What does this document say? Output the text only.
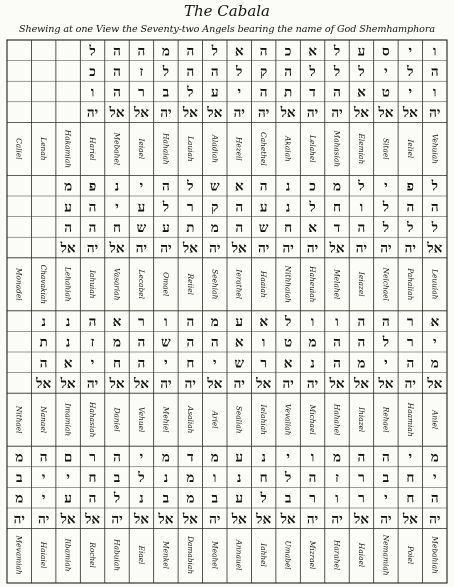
The Cabala
Shewing at one View the Seventy-two Angels bearing the name of God Shemhamphora
ל ה ה מ ה ל א ה כ א ל ע ס י ו
כ ה ז ל ה ה ל ק ה ל ל ל י ל ה
ו ה ר ב ל ע י ה ת ד ה א ט י ו
יה אל אל יה אל אל יה יה אל יה יה אל אל אל יה
Caliel Lenah Hakamiah Hariel Mebahel Ieiael Hahaiah Lauiah Aladiah Hezeil Cahethel Akaiah Lelahel Mahasiah Elemiah Sitael Ieliel Vehuiah
מ פ נ י ה ל ש א ה נ כ מ ל י פ ל
ע ה י ע ל ר ק ה ע נ ל ח ו ל ה ה
ה ה ח ש ע ת מ ה ש ח א ד ה ל ל ל
אל יה אל יה יה אל יה אל יה יה יה אל יה יה יה אל
Monadel Chavakiah Lehahiah Iahuiah Vasariah Lecabel Omael Reiiel Seehiah Ierathel Haaiah Nithhaiah Haheuiah Melahel Ieiazel Nelchael Pahaliah Leuuiah
נ נ ה א ר ו ה מ ע א ל ו ו ה ה ר א
ת נ ז מ ה ש ה ה א ו ט מ ה ה ל ר י
ה א י ח ה י ח י ש ר א נ ה מ י ה מ
אל אל יה אל אל יה יה אל יה אל יה יה אל אל אל יה אל
Nithael Nanael Imamiah Hahasiah Daniel Vehuel Mehiel Asaliah Ariel Sealiah Ielahiah Vevaliah Michael Hahahel Ihiazel Rehael Haamiah Aniel
מ ה ם ר ה י מ ד מ ע נ י ו מ ה ה י מ
ב י י ח ב ל נ מ ו נ ח ל ה ז ר ב ח י
מ י ע ה ל נ ב מ ב ע ל ב ר ו ר י ח ה
יה יה אל אל יה אל אל אל יה אל אל אל יה יה אל יה אל יה
Mevamiah Haiaiel Iibamiah Rochel Habuiah Eiael Menkel Damabiah Meahel Annauel Iahhel Umabel Mizrael Harahel Haiael Nemamiah Poiel Mebahiah
